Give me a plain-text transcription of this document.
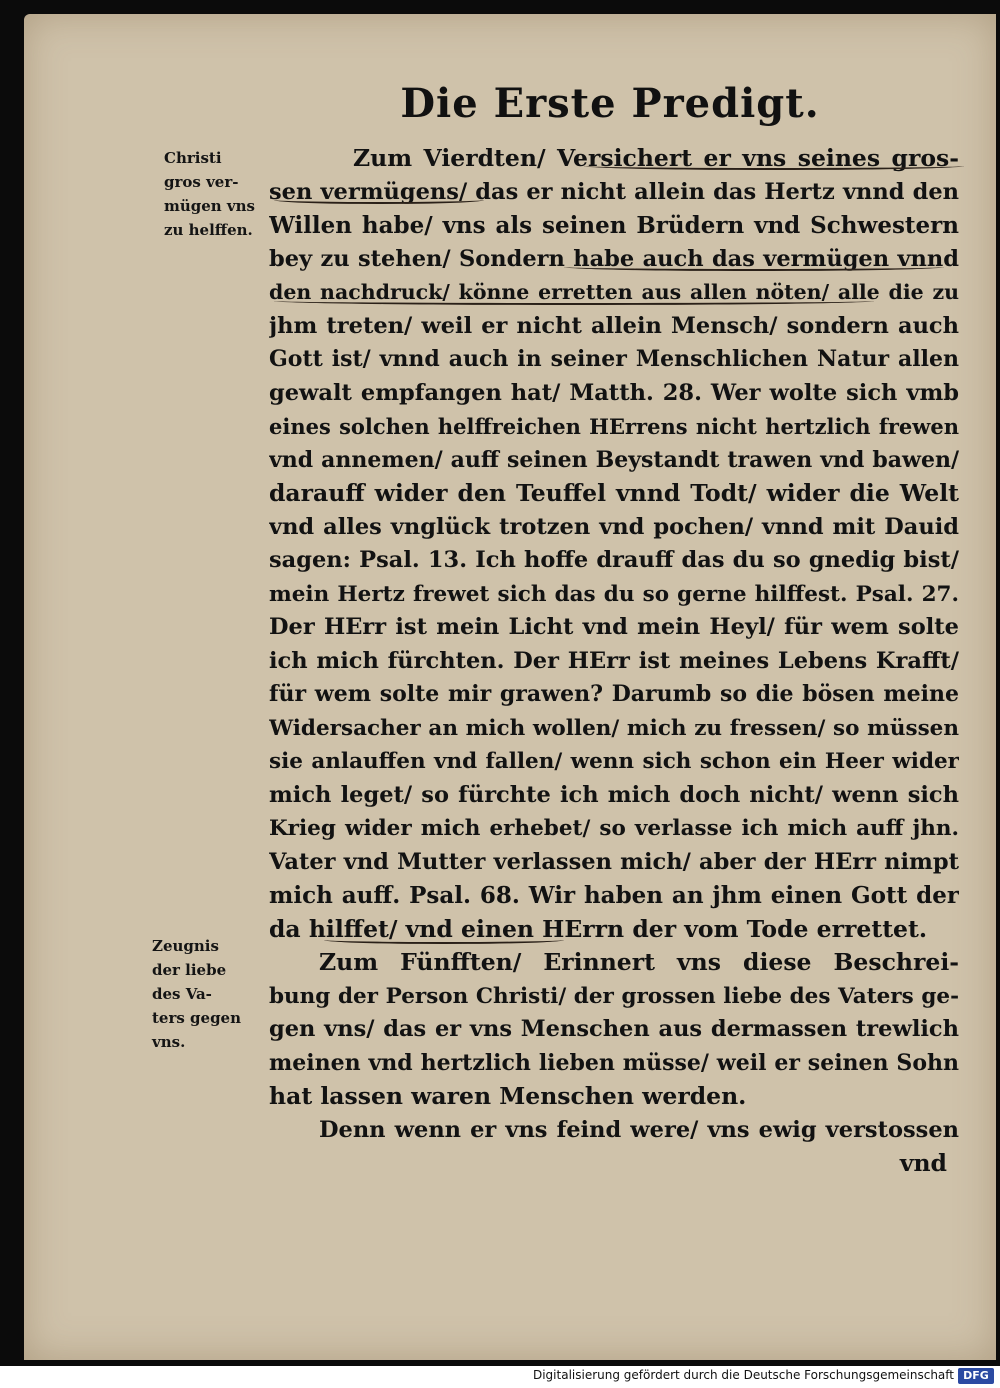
Die Erste Predigt.
Christi
gros ver-
mügen vns
zu helffen.
Zeugnis
der liebe
des Va-
ters gegen
vns.
Zum Vierdten/ Versichert er vns seines gros-
sen vermügens/ das er nicht allein das Hertz vnnd den
Willen habe/ vns als seinen Brüdern vnd Schwestern
bey zu stehen/ Sondern habe auch das vermügen vnnd
den nachdruck/ könne erretten aus allen nöten/ alle die zu
jhm treten/ weil er nicht allein Mensch/ sondern auch
Gott ist/ vnnd auch in seiner Menschlichen Natur allen
gewalt empfangen hat/ Matth. 28. Wer wolte sich vmb
eines solchen helffreichen HErrens nicht hertzlich frewen
vnd annemen/ auff seinen Beystandt trawen vnd bawen/
darauff wider den Teuffel vnnd Todt/ wider die Welt
vnd alles vnglück trotzen vnd pochen/ vnnd mit Dauid
sagen: Psal. 13. Ich hoffe drauff das du so gnedig bist/
mein Hertz frewet sich das du so gerne hilffest. Psal. 27.
Der HErr ist mein Licht vnd mein Heyl/ für wem solte
ich mich fürchten. Der HErr ist meines Lebens Krafft/
für wem solte mir grawen? Darumb so die bösen meine
Widersacher an mich wollen/ mich zu fressen/ so müssen
sie anlauffen vnd fallen/ wenn sich schon ein Heer wider
mich leget/ so fürchte ich mich doch nicht/ wenn sich
Krieg wider mich erhebet/ so verlasse ich mich auff jhn.
Vater vnd Mutter verlassen mich/ aber der HErr nimpt
mich auff. Psal. 68. Wir haben an jhm einen Gott der
da hilffet/ vnd einen HErrn der vom Tode errettet.
Zum Fünfften/ Erinnert vns diese Beschrei-
bung der Person Christi/ der grossen liebe des Vaters ge-
gen vns/ das er vns Menschen aus dermassen trewlich
meinen vnd hertzlich lieben müsse/ weil er seinen Sohn
hat lassen waren Menschen werden.
Denn wenn er vns feind were/ vns ewig verstossen
vnd
Digitalisierung gefördert durch die Deutsche Forschungsgemeinschaft DFG
